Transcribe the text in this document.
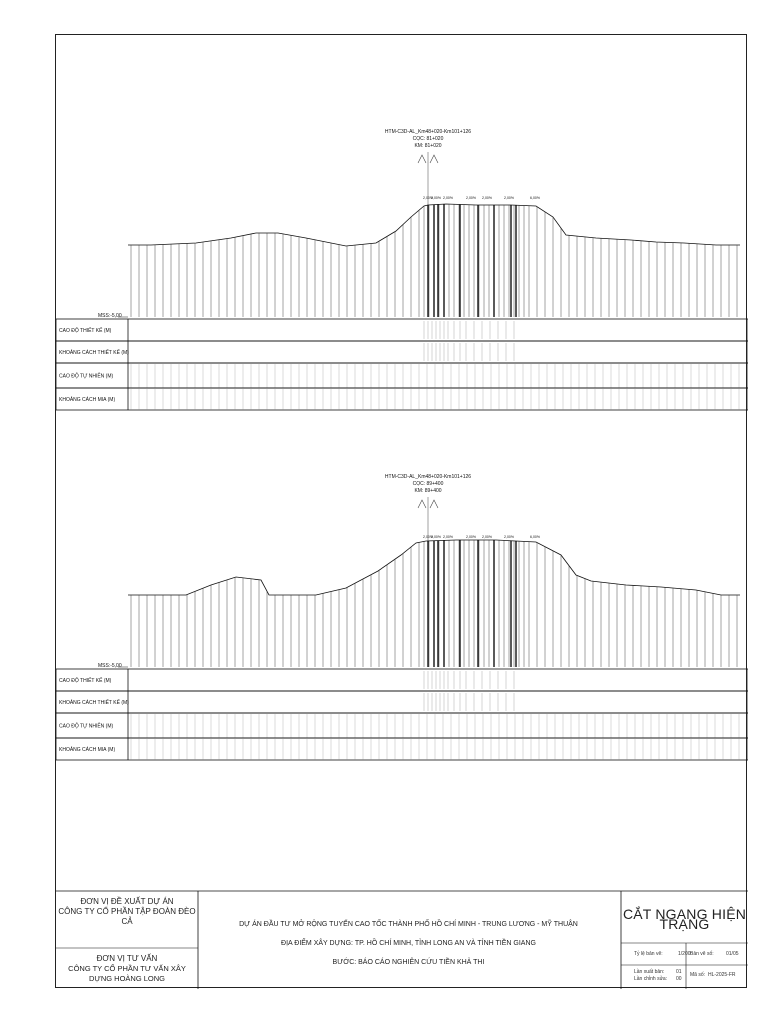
HTM-C3D-AL_Km48+020-Km101+126
CỌC: 81+020
KM: 81+020
2,00%
2,00% 2,00%	2,00% 2,00%	2,00%	6,00%
MSS:-5,00
CAO ĐỘ THIẾT KẾ (M)
KHOẢNG CÁCH THIẾT KẾ (M)
CAO ĐỘ TỰ NHIÊN (M)
KHOẢNG CÁCH MIA (M)
HTM-C3D-AL_Km48+020-Km101+126
CỌC: 89+400
KM: 89+400
2,00%
2,00% 2,00%	2,00% 2,00%	2,00%	6,00%
MSS:-5,00
CAO ĐỘ THIẾT KẾ (M)
KHOẢNG CÁCH THIẾT KẾ (M)
CAO ĐỘ TỰ NHIÊN (M)
KHOẢNG CÁCH MIA (M)
ĐƠN VỊ ĐỀ XUẤT DỰ ÁN
CÔNG TY CỔ PHẦN TẬP ĐOÀN ĐÈO CẢ
ĐƠN VỊ TƯ VẤN
CÔNG TY CỔ PHẦN TƯ VẤN XÂY DỰNG HOÀNG LONG
DỰ ÁN ĐẦU TƯ MỞ RỘNG TUYẾN CAO TỐC THÀNH PHỐ HỒ CHÍ MINH - TRUNG LƯƠNG - MỸ THUẬN
ĐỊA ĐIỂM XÂY DỰNG: TP. HỒ CHÍ MINH, TỈNH LONG AN VÀ TỈNH TIỀN GIANG
BƯỚC: BÁO CÁO NGHIÊN CỨU TIỀN KHẢ THI
CẮT NGANG HIỆN TRẠNG
Tỷ lệ bản vẽ:	1/200 Bản vẽ số: 01/05
Lần xuất bản: 01
Lần chỉnh sửa: 00
Mã số: HL-2025-FR
